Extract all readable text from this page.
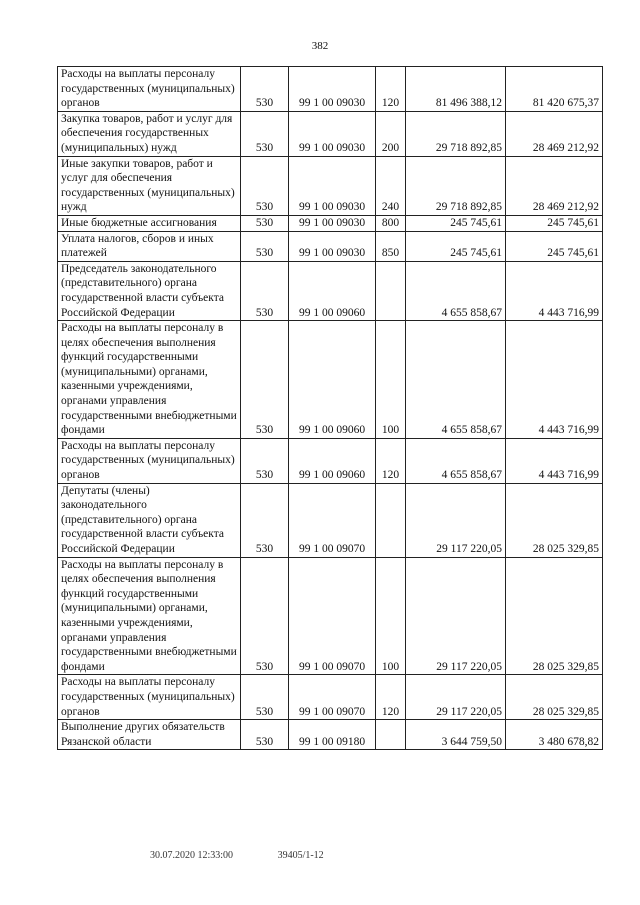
382
Расходы на выплаты персоналу государственных (муниципальных) органов	530	99 1 00 09030	120	81 496 388,12	81 420 675,37
Закупка товаров, работ и услуг для обеспечения государственных (муниципальных) нужд	530	99 1 00 09030	200	29 718 892,85	28 469 212,92
Иные закупки товаров, работ и услуг для обеспечения государственных (муниципальных) нужд	530	99 1 00 09030	240	29 718 892,85	28 469 212,92
Иные бюджетные ассигнования	530	99 1 00 09030	800	245 745,61	245 745,61
Уплата налогов, сборов и иных платежей	530	99 1 00 09030	850	245 745,61	245 745,61
Председатель законодательного (представительного) органа государственной власти субъекта Российской Федерации	530	99 1 00 09060		4 655 858,67	4 443 716,99
Расходы на выплаты персоналу в целях обеспечения выполнения функций государственными (муниципальными) органами, казенными учреждениями, органами управления государственными внебюджетными фондами	530	99 1 00 09060	100	4 655 858,67	4 443 716,99
Расходы на выплаты персоналу государственных (муниципальных) органов	530	99 1 00 09060	120	4 655 858,67	4 443 716,99
Депутаты (члены) законодательного (представительного) органа государственной власти субъекта Российской Федерации	530	99 1 00 09070		29 117 220,05	28 025 329,85
Расходы на выплаты персоналу в целях обеспечения выполнения функций государственными (муниципальными) органами, казенными учреждениями, органами управления государственными внебюджетными фондами	530	99 1 00 09070	100	29 117 220,05	28 025 329,85
Расходы на выплаты персоналу государственных (муниципальных) органов	530	99 1 00 09070	120	29 117 220,05	28 025 329,85
Выполнение других обязательств Рязанской области	530	99 1 00 09180		3 644 759,50	3 480 678,82
30.07.2020 12:33:00	39405/1-12
